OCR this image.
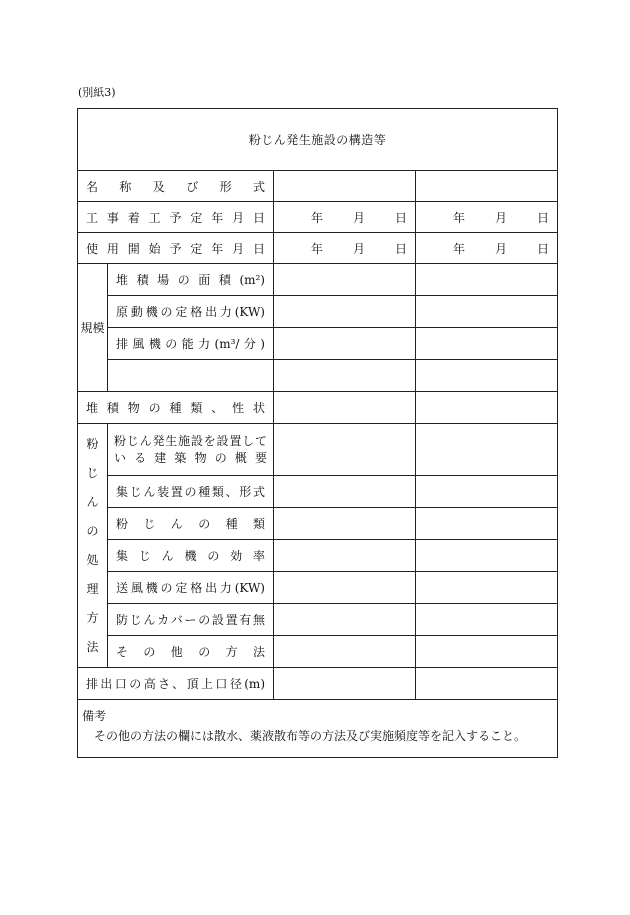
(別紙3)
粉じん発生施設の構造等			
名称及び形式			
工事着工予定年月日		年 月 日	年 月 日

使用開始予定年月日		年 月 日	年 月 日

規模	堆積場の面積(m²)		
	原動機の定格出力(KW)		
	排風機の能力(m³/分)		

堆積物の種類、性状			

粉じんの処理方法	粉じん発生施設を設置している建築物の概要		
	集じん装置の種類、形式		
	粉じんの種類		
	集じん機の効率		
	送風機の定格出力(KW)		
	防じんカバーの設置有無		
	その他の方法		
排出口の高さ、頂上口径(m)			

備考
その他の方法の欄には散水、薬液散布等の方法及び実施頻度等を記入すること。			
